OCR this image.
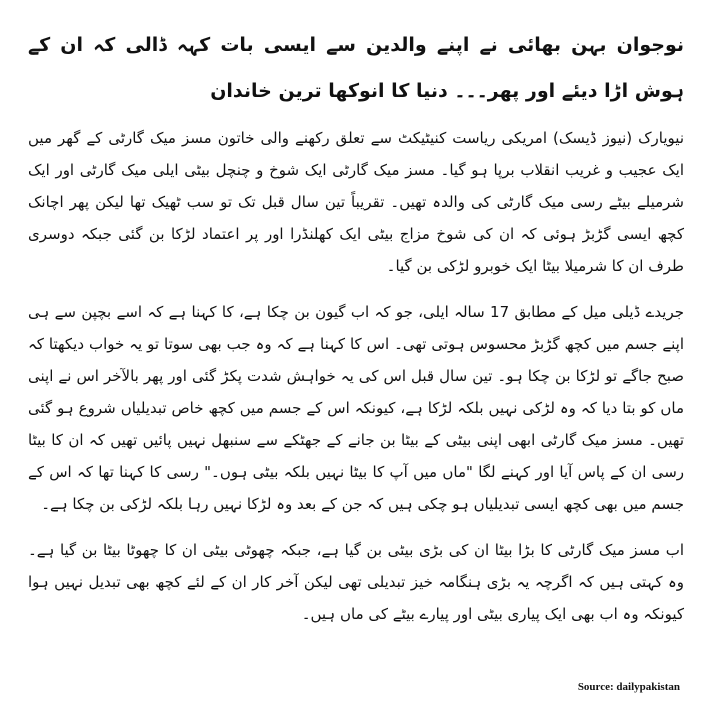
نوجوان بہن بھائی نے اپنے والدین سے ایسی بات کہہ ڈالی کہ ان کے ہوش اڑا دیئے اور پھر۔۔۔ دنیا کا انوکھا ترین خاندان

نیویارک (نیوز ڈیسک) امریکی ریاست کنیٹیکٹ سے تعلق رکھنے والی خاتون مسز میک گارٹی کے گھر میں ایک عجیب و غریب انقلاب برپا ہو گیا۔ مسز میک گارٹی ایک شوخ و چنچل بیٹی ایلی میک گارٹی اور ایک شرمیلے بیٹے رسی میک گارٹی کی والدہ تھیں۔ تقریباً تین سال قبل تک تو سب ٹھیک تھا لیکن پھر اچانک کچھ ایسی گڑبڑ ہوئی کہ ان کی شوخ مزاج بیٹی ایک کھلنڈرا اور پر اعتماد لڑکا بن گئی جبکہ دوسری طرف ان کا شرمیلا بیٹا ایک خوبرو لڑکی بن گیا۔

جریدے ڈیلی میل کے مطابق 17 سالہ ایلی، جو کہ اب گیون بن چکا ہے، کا کہنا ہے کہ اسے بچپن سے ہی اپنے جسم میں کچھ گڑبڑ محسوس ہوتی تھی۔ اس کا کہنا ہے کہ وہ جب بھی سوتا تو یہ خواب دیکھتا کہ صبح جاگے تو لڑکا بن چکا ہو۔ تین سال قبل اس کی یہ خواہش شدت پکڑ گئی اور پھر بالآخر اس نے اپنی ماں کو بتا دیا کہ وہ لڑکی نہیں بلکہ لڑکا ہے، کیونکہ اس کے جسم میں کچھ خاص تبدیلیاں شروع ہو گئی تھیں۔ مسز میک گارٹی ابھی اپنی بیٹی کے بیٹا بن جانے کے جھٹکے سے سنبھل نہیں پائیں تھیں کہ ان کا بیٹا رسی ان کے پاس آیا اور کہنے لگا "ماں میں آپ کا بیٹا نہیں بلکہ بیٹی ہوں۔" رسی کا کہنا تھا کہ اس کے جسم میں بھی کچھ ایسی تبدیلیاں ہو چکی ہیں کہ جن کے بعد وہ لڑکا نہیں رہا بلکہ لڑکی بن چکا ہے۔

اب مسز میک گارٹی کا بڑا بیٹا ان کی بڑی بیٹی بن گیا ہے، جبکہ چھوٹی بیٹی ان کا چھوٹا بیٹا بن گیا ہے۔ وہ کہتی ہیں کہ اگرچہ یہ بڑی ہنگامہ خیز تبدیلی تھی لیکن آخر کار ان کے لئے کچھ بھی تبدیل نہیں ہوا کیونکہ وہ اب بھی ایک پیاری بیٹی اور پیارے بیٹے کی ماں ہیں۔

Source: dailypakistan
